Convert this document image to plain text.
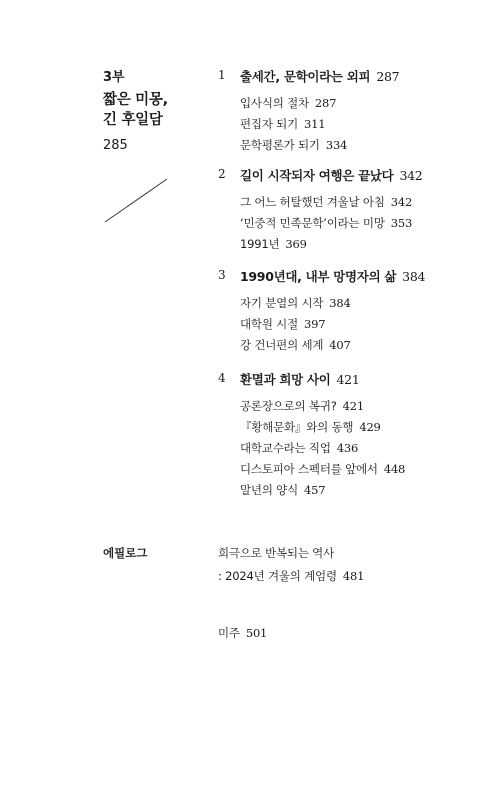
3부
짧은 미몽,
긴 후일담
285
1 출세간, 문학이라는 외피 287
입사식의 절차 287
편집자 되기 311
문학평론가 되기 334
2 길이 시작되자 여행은 끝났다 342
그 어느 허탈했던 겨울날 아침 342
‘민중적 민족문학’이라는 미망 353
1991년 369
3 1990년대, 내부 망명자의 삶 384
자기 분열의 시작 384
대학원 시절 397
강 건너편의 세계 407
4 환멸과 희망 사이 421
공론장으로의 복귀? 421
『황해문화』와의 동행 429
대학교수라는 직업 436
디스토피아 스펙터를 앞에서 448
말년의 양식 457
에필로그	희극으로 반복되는 역사
: 2024년 겨울의 계엄령 481
미주 501
